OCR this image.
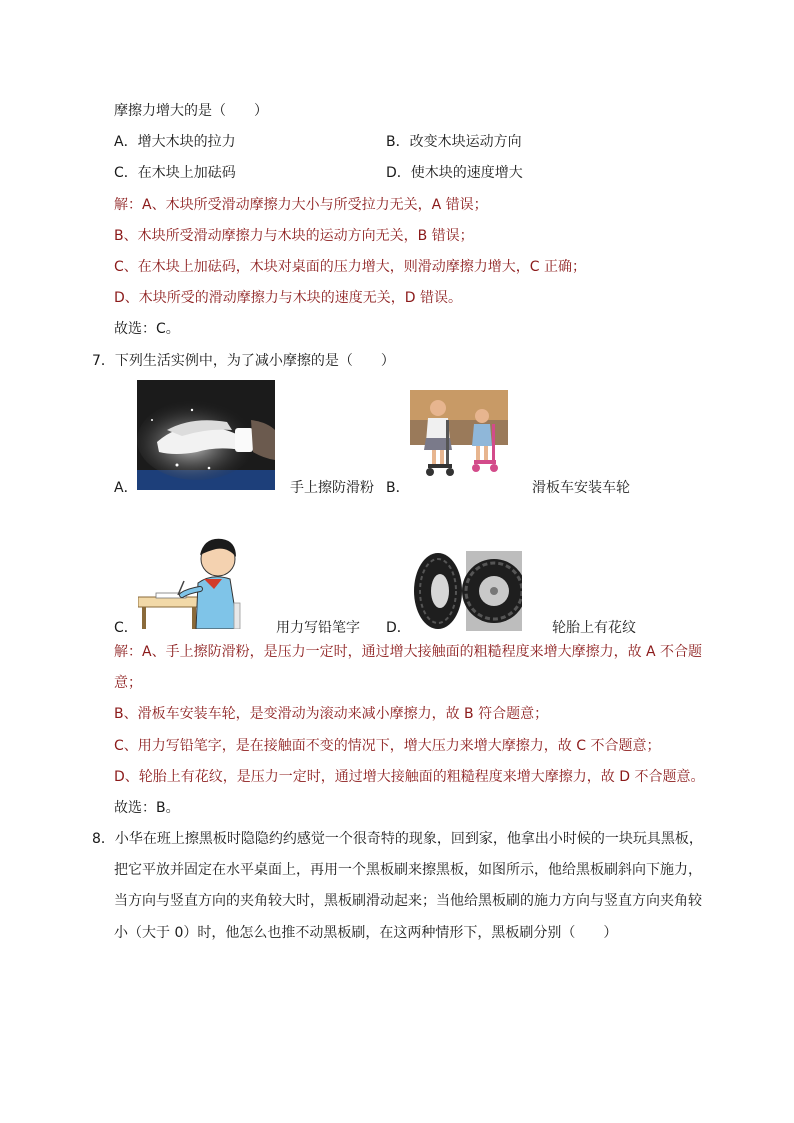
摩擦力增大的是（　　）
A．增大木块的拉力	B．改变木块运动方向
C．在木块上加砝码	D．使木块的速度增大
解：A、木块所受滑动摩擦力大小与所受拉力无关，A 错误；
B、木块所受滑动摩擦力与木块的运动方向无关，B 错误；
C、在木块上加砝码，木块对桌面的压力增大，则滑动摩擦力增大，C 正确；
D、木块所受的滑动摩擦力与木块的速度无关，D 错误。
故选：C。
7．下列生活实例中，为了减小摩擦的是（　　）
A．	手上擦防滑粉 B．	滑板车安装车轮
C．	用力写铅笔字 D．	轮胎上有花纹
解：A、手上擦防滑粉，是压力一定时，通过增大接触面的粗糙程度来增大摩擦力，故 A 不合题
意；
B、滑板车安装车轮，是变滑动为滚动来减小摩擦力，故 B 符合题意；
C、用力写铅笔字，是在接触面不变的情况下，增大压力来增大摩擦力，故 C 不合题意；
D、轮胎上有花纹，是压力一定时，通过增大接触面的粗糙程度来增大摩擦力，故 D 不合题意。
故选：B。
8．小华在班上擦黑板时隐隐约约感觉一个很奇特的现象，回到家，他拿出小时候的一块玩具黑板，
把它平放并固定在水平桌面上，再用一个黑板刷来擦黑板，如图所示，他给黑板刷斜向下施力，
当方向与竖直方向的夹角较大时，黑板刷滑动起来；当他给黑板刷的施力方向与竖直方向夹角较
小（大于 0）时，他怎么也推不动黑板刷，在这两种情形下，黑板刷分别（　　）
